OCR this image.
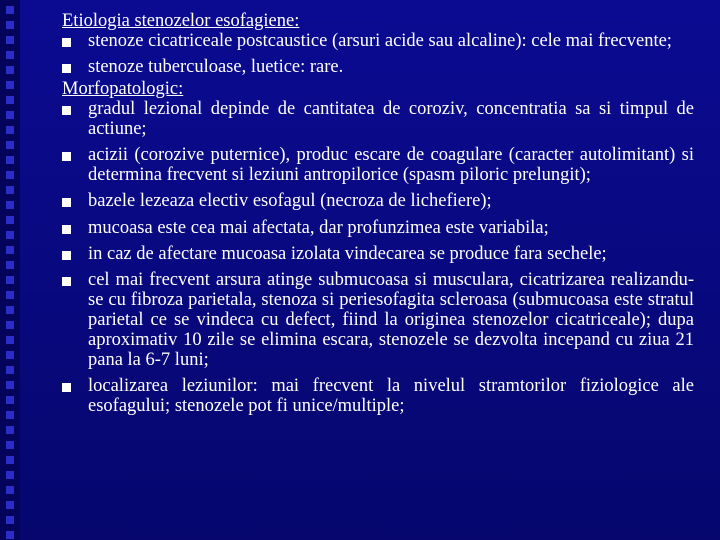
Etiologia stenozelor esofagiene:

stenoze cicatriceale postcaustice (arsuri acide sau alcaline): cele mai frecvente;
stenoze tuberculoase, luetice: rare.

Morfopatologic:

gradul lezional depinde de cantitatea de coroziv, concentratia sa si timpul de actiune;
acizii (corozive puternice), produc escare de coagulare (caracter autolimitant) si determina frecvent si leziuni antropilorice (spasm piloric prelungit);
bazele lezeaza electiv esofagul (necroza de lichefiere);
mucoasa este cea mai afectata, dar profunzimea este variabila;
in caz de afectare mucoasa izolata vindecarea se produce fara sechele;
cel mai frecvent arsura atinge submucoasa si musculara, cicatrizarea realizandu-se cu fibroza parietala, stenoza si periesofagita scleroasa (submucoasa este stratul parietal ce se vindeca cu defect, fiind la originea stenozelor cicatriceale); dupa aproximativ 10 zile se elimina escara, stenozele se dezvolta incepand cu ziua 21 pana la 6-7 luni;
localizarea leziunilor: mai frecvent la nivelul stramtorilor fiziologice ale esofagului; stenozele pot fi unice/multiple;
